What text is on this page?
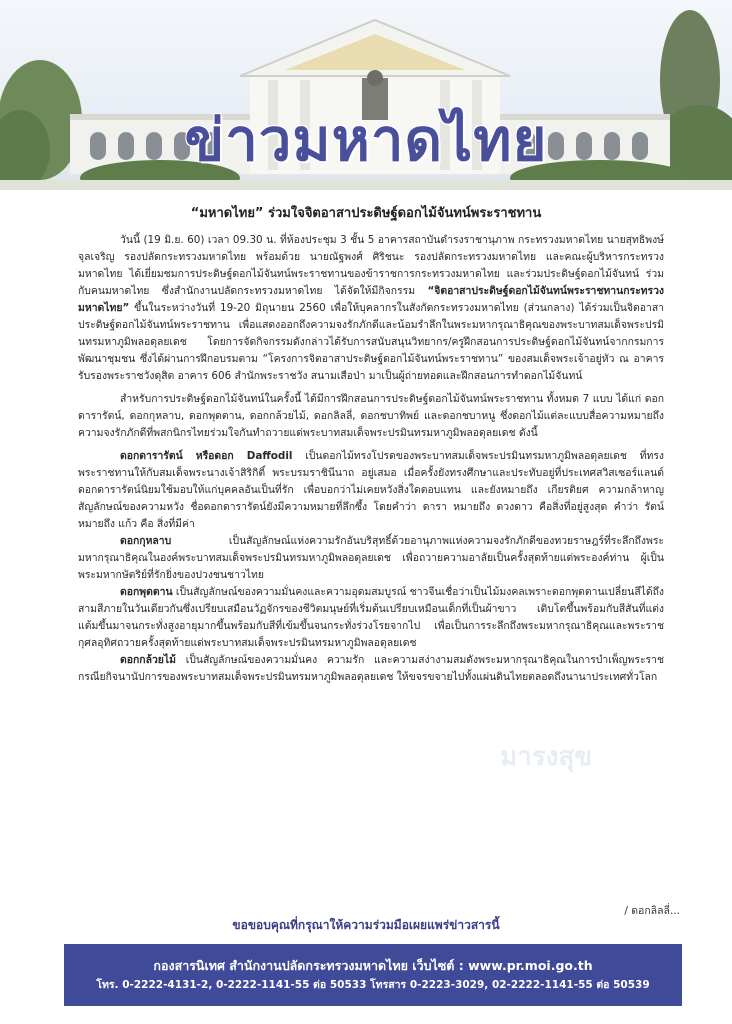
ข่าวมหาดไทย
“มหาดไทย” ร่วมใจจิตอาสาประดิษฐ์ดอกไม้จันทน์พระราชทาน

วันนี้ (19 มิ.ย. 60) เวลา 09.30 น. ที่ห้องประชุม 3 ชั้น 5 อาคารสถาบันดำรงราชานุภาพ กระทรวงมหาดไทย นายสุทธิพงษ์ จุลเจริญ รองปลัดกระทรวงมหาดไทย พร้อมด้วย นายณัฐพงศ์ ศิริชนะ รองปลัดกระทรวงมหาดไทย และคณะผู้บริหารกระทรวงมหาดไทย ได้เยี่ยมชมการประดิษฐ์ดอกไม้จันทน์พระราชทานของข้าราชการกระทรวงมหาดไทย และร่วมประดิษฐ์ดอกไม้จันทน์ ร่วมกับคนมหาดไทย ซึ่งสำนักงานปลัดกระทรวงมหาดไทย ได้จัดให้มีกิจกรรม “จิตอาสาประดิษฐ์ดอกไม้จันทน์พระราชทานกระทรวงมหาดไทย” ขึ้นในระหว่างวันที่ 19-20 มิถุนายน 2560 เพื่อให้บุคลากรในสังกัดกระทรวงมหาดไทย (ส่วนกลาง) ได้ร่วมเป็นจิตอาสาประดิษฐ์ดอกไม้จันทน์พระราชทาน เพื่อแสดงออกถึงความจงรักภักดีและน้อมรำลึกในพระมหากรุณาธิคุณของพระบาทสมเด็จพระปรมินทรมหาภูมิพลอดุลยเดช โดยการจัดกิจกรรมดังกล่าวได้รับการสนับสนุนวิทยากร/ครูฝึกสอนการประดิษฐ์ดอกไม้จันทน์จากกรมการพัฒนาชุมชน ซึ่งได้ผ่านการฝึกอบรมตาม “โครงการจิตอาสาประดิษฐ์ดอกไม้จันทน์พระราชทาน” ของสมเด็จพระเจ้าอยู่หัว ณ อาคารรับรองพระราชวังดุสิต อาคาร 606 สำนักพระราชวัง สนามเสือป่า มาเป็นผู้ถ่ายทอดและฝึกสอนการทำดอกไม้จันทน์

สำหรับการประดิษฐ์ดอกไม้จันทน์ในครั้งนี้ ได้มีการฝึกสอนการประดิษฐ์ดอกไม้จันทน์พระราชทาน ทั้งหมด 7 แบบ ได้แก่ ดอกดารารัตน์, ดอกกุหลาบ, ดอกพุดตาน, ดอกกล้วยไม้, ดอกลิลลี่, ดอกชบาทิพย์ และดอกชบาหนู ซึ่งดอกไม้แต่ละแบบสื่อความหมายถึงความจงรักภักดีที่พสกนิกรไทยร่วมใจกันทำถวายแด่พระบาทสมเด็จพระปรมินทรมหาภูมิพลอดุลยเดช ดังนี้

ดอกดารารัตน์ หรือดอก Daffodil เป็นดอกไม้ทรงโปรดของพระบาทสมเด็จพระปรมินทรมหาภูมิพลอดุลยเดช ที่ทรงพระราชทานให้กับสมเด็จพระนางเจ้าสิริกิติ์ พระบรมราชินีนาถ อยู่เสมอ เมื่อครั้งยังทรงศึกษาและประทับอยู่ที่ประเทศสวิสเซอร์แลนด์ ดอกดารารัตน์นิยมใช้มอบให้แก่บุคคลอันเป็นที่รัก เพื่อบอกว่าไม่เคยหวังสิ่งใดตอบแทน และยังหมายถึง เกียรติยศ ความกล้าหาญ สัญลักษณ์ของความหวัง ชื่อดอกดารารัตน์ยังมีความหมายที่ลึกซึ้ง โดยคำว่า ดารา หมายถึง ดวงดาว คือสิ่งที่อยู่สูงสุด คำว่า รัตน์ หมายถึง แก้ว คือ สิ่งที่มีค่า

ดอกกุหลาบ เป็นสัญลักษณ์แห่งความรักอันบริสุทธิ์ด้วยอานุภาพแห่งความจงรักภักดีของทวยราษฎร์ที่ระลึกถึงพระมหากรุณาธิคุณในองค์พระบาทสมเด็จพระปรมินทรมหาภูมิพลอดุลยเดช เพื่อถวายความอาลัยเป็นครั้งสุดท้ายแด่พระองค์ท่าน ผู้เป็นพระมหากษัตริย์ที่รักยิ่งของปวงชนชาวไทย

ดอกพุดตาน เป็นสัญลักษณ์ของความมั่นคงและความอุดมสมบูรณ์ ชาวจีนเชื่อว่าเป็นไม้มงคลเพราะดอกพุดตานเปลี่ยนสีได้ถึงสามสีภายในวันเดียวกันซึ่งเปรียบเสมือนวัฏจักรของชีวิตมนุษย์ที่เริ่มต้นเปรียบเหมือนเด็กที่เป็นผ้าขาว เติบโตขึ้นพร้อมกับสีสันที่แต่งแต้มขึ้นมาจนกระทั่งสูงอายุมากขึ้นพร้อมกับสีที่เข้มขึ้นจนกระทั่งร่วงโรยจากไป เพื่อเป็นการระลึกถึงพระมหากรุณาธิคุณและพระราชกุศลอุทิศถวายครั้งสุดท้ายแด่พระบาทสมเด็จพระปรมินทรมหาภูมิพลอดุลยเดช

ดอกกล้วยไม้ เป็นสัญลักษณ์ของความมั่นคง ความรัก และความสง่างามสมดังพระมหากรุณาธิคุณในการบำเพ็ญพระราชกรณียกิจนานัปการของพระบาทสมเด็จพระปรมินทรมหาภูมิพลอดุลยเดช ให้ขจรขจายไปทั้งแผ่นดินไทยตลอดถึงนานาประเทศทั่วโลก

มารงสุข
/ ดอกลิลลี่...
ขอขอบคุณที่กรุณาให้ความร่วมมือเผยแพร่ข่าวสารนี้
กองสารนิเทศ สำนักงานปลัดกระทรวงมหาดไทย เว็บไซต์ : www.pr.moi.go.th
โทร. 0-2222-4131-2, 0-2222-1141-55 ต่อ 50533 โทรสาร 0-2223-3029, 02-2222-1141-55 ต่อ 50539
